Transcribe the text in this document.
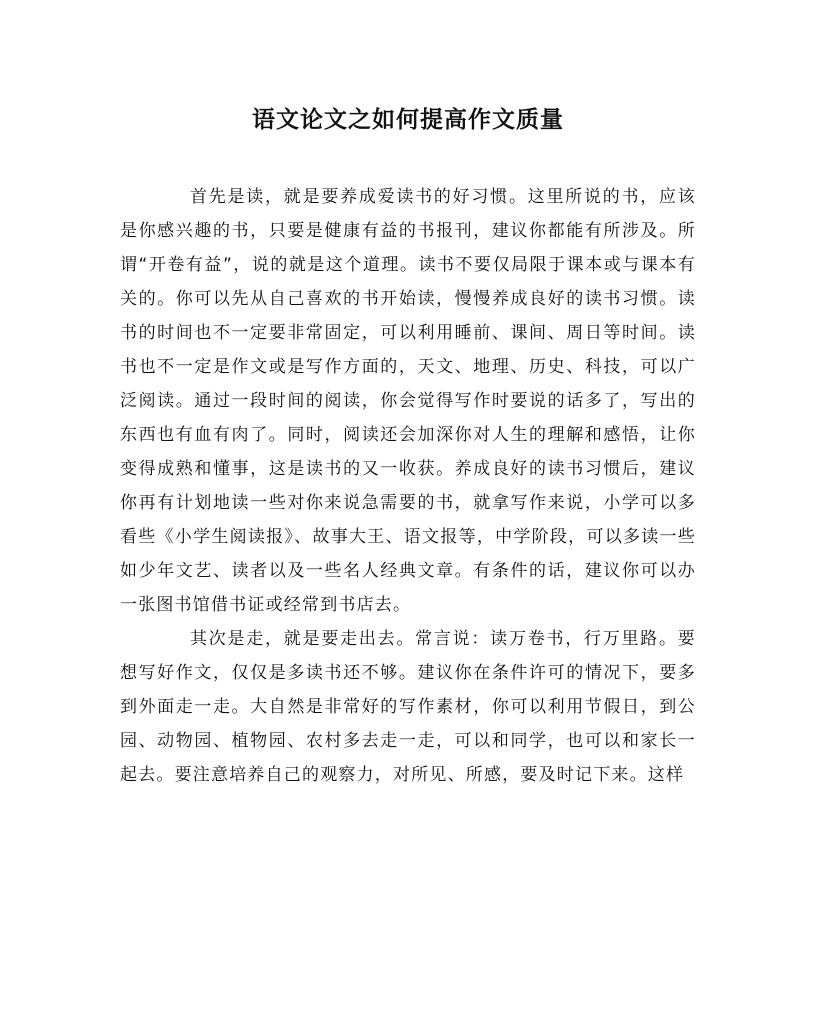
语文论文之如何提高作文质量

首先是读，就是要养成爱读书的好习惯。这里所说的书，应该是你感兴趣的书，只要是健康有益的书报刊，建议你都能有所涉及。所谓“开卷有益”，说的就是这个道理。读书不要仅局限于课本或与课本有关的。你可以先从自己喜欢的书开始读，慢慢养成良好的读书习惯。读书的时间也不一定要非常固定，可以利用睡前、课间、周日等时间。读书也不一定是作文或是写作方面的，天文、地理、历史、科技，可以广泛阅读。通过一段时间的阅读，你会觉得写作时要说的话多了，写出的东西也有血有肉了。同时，阅读还会加深你对人生的理解和感悟，让你变得成熟和懂事，这是读书的又一收获。养成良好的读书习惯后，建议你再有计划地读一些对你来说急需要的书，就拿写作来说，小学可以多看些《小学生阅读报》、故事大王、语文报等，中学阶段，可以多读一些如少年文艺、读者以及一些名人经典文章。有条件的话，建议你可以办一张图书馆借书证或经常到书店去。

其次是走，就是要走出去。常言说：读万卷书，行万里路。要想写好作文，仅仅是多读书还不够。建议你在条件许可的情况下，要多到外面走一走。大自然是非常好的写作素材，你可以利用节假日，到公园、动物园、植物园、农村多去走一走，可以和同学，也可以和家长一起去。要注意培养自己的观察力，对所见、所感，要及时记下来。这样
